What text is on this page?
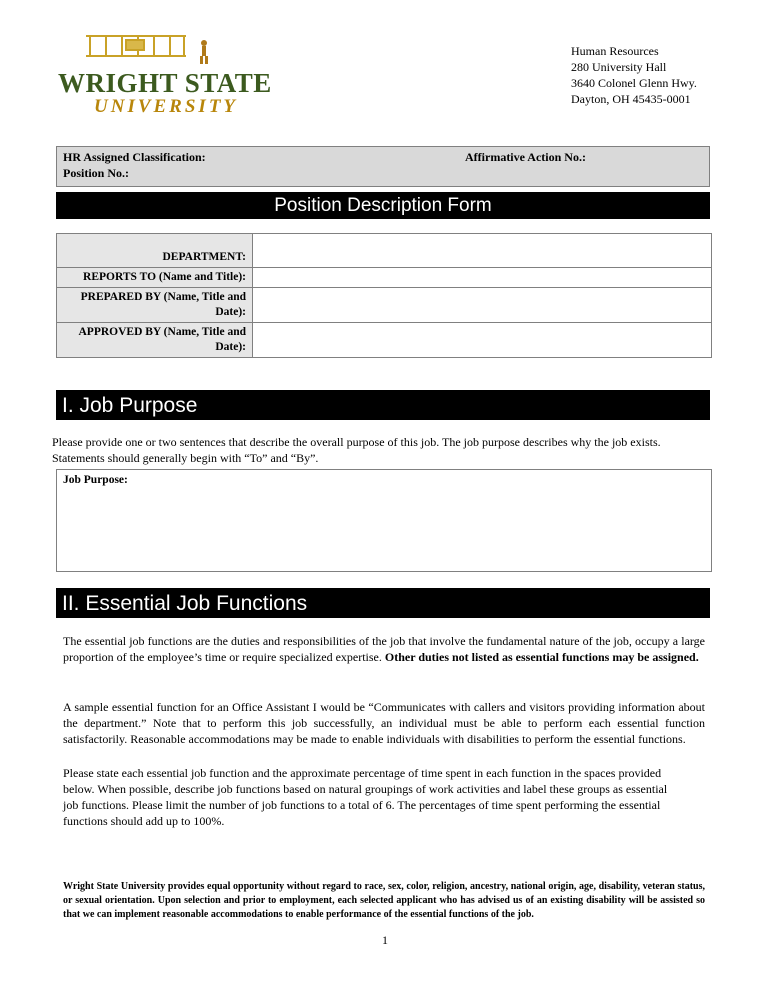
WRIGHT STATE
UNIVERSITY
Human Resources
280 University Hall
3640 Colonel Glenn Hwy.
Dayton, OH 45435-0001
HR Assigned Classification:
Position No.:
Affirmative Action No.:
Position Description Form
DEPARTMENT:	
REPORTS TO (Name and Title):	
PREPARED BY (Name, Title and Date):	
APPROVED BY (Name, Title and Date):	
I. Job Purpose
Please provide one or two sentences that describe the overall purpose of this job. The job purpose describes why the job exists.
Statements should generally begin with “To” and “By”.
Job Purpose:
II. Essential Job Functions
The essential job functions are the duties and responsibilities of the job that involve the fundamental nature of the job, occupy a large proportion of the employee’s time or require specialized expertise. Other duties not listed as essential functions may be assigned.
A sample essential function for an Office Assistant I would be “Communicates with callers and visitors providing information about the department.” Note that to perform this job successfully, an individual must be able to perform each essential function satisfactorily. Reasonable accommodations may be made to enable individuals with disabilities to perform the essential functions.
Please state each essential job function and the approximate percentage of time spent in each function in the spaces provided
below. When possible, describe job functions based on natural groupings of work activities and label these groups as essential
job functions. Please limit the number of job functions to a total of 6. The percentages of time spent performing the essential
functions should add up to 100%.
Wright State University provides equal opportunity without regard to race, sex, color, religion, ancestry, national origin, age, disability, veteran status, or sexual orientation. Upon selection and prior to employment, each selected applicant who has advised us of an existing disability will be assisted so that we can implement reasonable accommodations to enable performance of the essential functions of the job.
1
